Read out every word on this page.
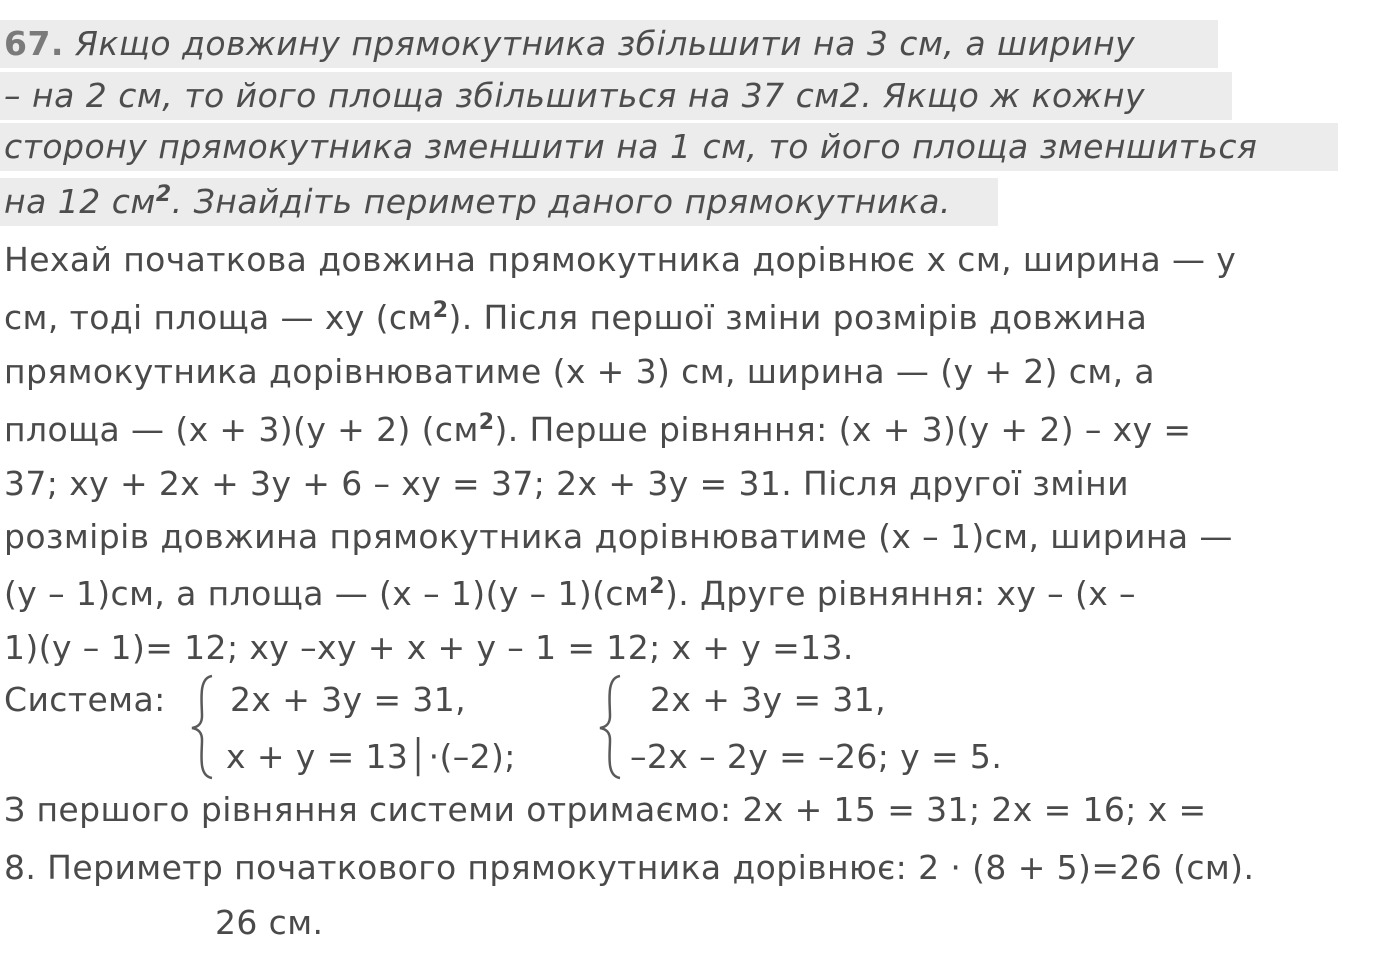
67. Якщо довжину прямокутника збільшити на 3 см, а ширину
– на 2 см, то його площа збільшиться на 37 см2. Якщо ж кожну
сторону прямокутника зменшити на 1 см, то його площа зменшиться
на 12 $см^2$. Знайдіть периметр даного прямокутника.
Нехай початкова довжина прямокутника дорівнює x см, ширина — y
см, тоді площа — xy $(см^2)$. Після першої зміни розмірів довжина
прямокутника дорівнюватиме (x + 3) см, ширина — (y + 2) см, а
площа — (x + 3)(y + 2) $(см^2)$. Перше рівняння: (x + 3)(y + 2) – xy =
37; xy + 2x + 3y + 6 – xy = 37; 2x + 3y = 31. Після другої зміни
розмірів довжина прямокутника дорівнюватиме (x – 1)см, ширина —
(y – 1)см, а площа — $(x - 1)(y - 1)(см^2)$. Друге рівняння: xy – (x –
1)(y – 1)= 12; xy –xy + x + y – 1 = 12; x + y =13.
Система: 2x + 3y = 31,
x + y = 13│·(–2);
2x + 3y = 31,
–2x – 2y = –26; y = 5.
З першого рівняння системи отримаємо: 2x + 15 = 31; 2x = 16; x =
8. Периметр початкового прямокутника дорівнює: 2 · (8 + 5)=26 (см).
26 см.
